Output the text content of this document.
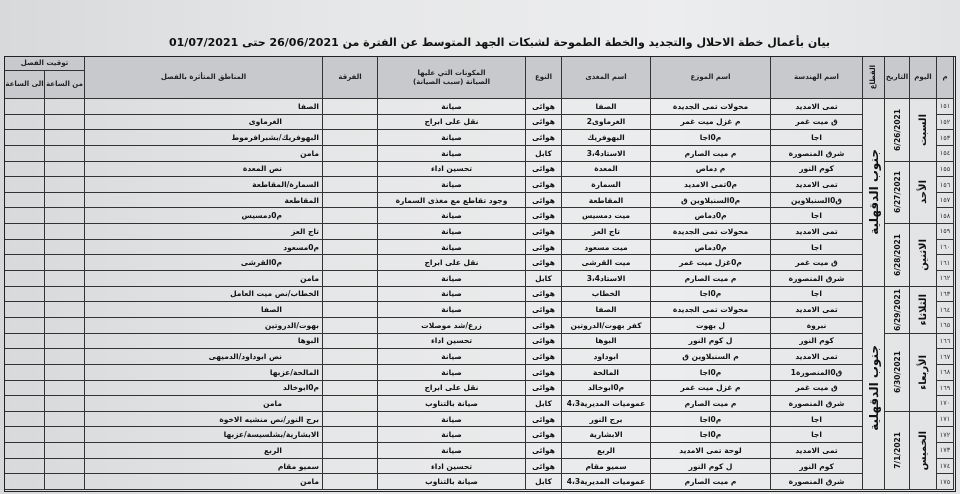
بيان بأعمال خطة الاحلال والتجديد والخطة الطموحة لشبكات الجهد المتوسط عن الفترة من 26/06/2021 حتى 01/07/2021
م
اليوم
التاريخ
القطاع
اسم الهندسة
اسم الموزع
اسم المغذى
النوع
المكونات التي عليها الصيانة (سبب الصيانة)
الفرقة
المناطق المتأثرة بالفصل
توقيت الفصل
من الساعة
الى الساعة
١٥١
تمى الامديد
محولات تمى الجديدة
الصفا
هوائى
صيانة
الصفا
١٥٢
ق ميت غمر
م غزل ميت غمر
الغرماوى2
هوائى
نقل على ابراج
الغرماوى
١٥٣
اجا
م0اجا
البهوفريك
هوائى
صيانة
البهوفريك/بشبرافرموط
١٥٤
شرق المنصورة
م ميت الصارم
الاستاد3،4
كابل
صيانة
مامن
١٥٥
كوم النور
م دماص
المعدة
هوائى
تحسين اداء
نص المعدة
١٥٦
تمى الامديد
م0تمى الامديد
السمارة
هوائى
صيانة
السمارة/المقاطعة
١٥٧
ق0السنبلاوين
م0السنبلاوين ق
المقاطعة
هوائى
وجود تقاطع مع مغذى السمارة
المقاطعة
١٥٨
اجا
م0دماص
ميت دمسيس
هوائى
صيانة
م0دمسيس
١٥٩
تمى الامديد
محولات تمى الجديدة
تاج العز
هوائى
صيانة
تاج العز
١٦٠
اجا
م0دماص
ميت مسعود
هوائى
صيانة
م0مسعود
١٦١
ق ميت غمر
م0غزل ميت غمر
ميت القرشى
هوائى
نقل على ابراج
م0القرشى
١٦٢
شرق المنصورة
م ميت الصارم
الاستاد3،4
كابل
صيانة
مامن
١٦٣
اجا
م0اجا
الخطاب
هوائى
صيانة
الخطاب/نص ميت العامل
١٦٤
تمى الامديد
محولات تمى الجديدة
الصفا
هوائى
صيانة
الصفا
١٦٥
نبروة
ل بهوت
كفر بهوت/الدروتين
هوائى
زرع/شد موصلات
بهوت/الدروتين
١٦٦
كوم النور
ل كوم النور
البوها
هوائى
تحسين اداء
البوها
١٦٧
تمى الامديد
م السنبلاوين ق
ابوداود
هوائى
صيانة
نص ابوداود/الدميهى
١٦٨
ق0المنصورة1
م0اجا
المالحة
هوائى
صيانة
المالحة/عزبها
١٦٩
ق ميت غمر
م غزل ميت غمر
م0ابوخالد
هوائى
نقل على ابراج
م0ابوخالد
١٧٠
شرق المنصورة
م ميت الصارم
عموميات المديرية4،3
كابل
صيانة بالتناوب
مامن
١٧١
اجا
م0اجا
برج النور
هوائى
صيانة
برج النور/نص منشيه الاخوة
١٧٢
اجا
م0اجا
الابشارية
هوائى
صيانة
الابشارية/بشلسيسة/عزبها
١٧٣
تمى الامديد
لوحة تمى الامديد
الربع
هوائى
صيانة
الربع
١٧٤
كوم النور
ل كوم النور
سميو مقام
هوائى
تحسين اداء
سميو مقام
١٧٥
شرق المنصورة
م ميت الصارم
عموميات المديرية4،3
كابل
صيانة بالتناوب
مامن
السبت
6/26/2021
الأحد
6/27/2021
الاثنين
6/28/2021
الثلاثاء
6/29/2021
الأربعاء
6/30/2021
الخميس
7/1/2021
جنوب الدقهلية
جنوب الدقهلية
